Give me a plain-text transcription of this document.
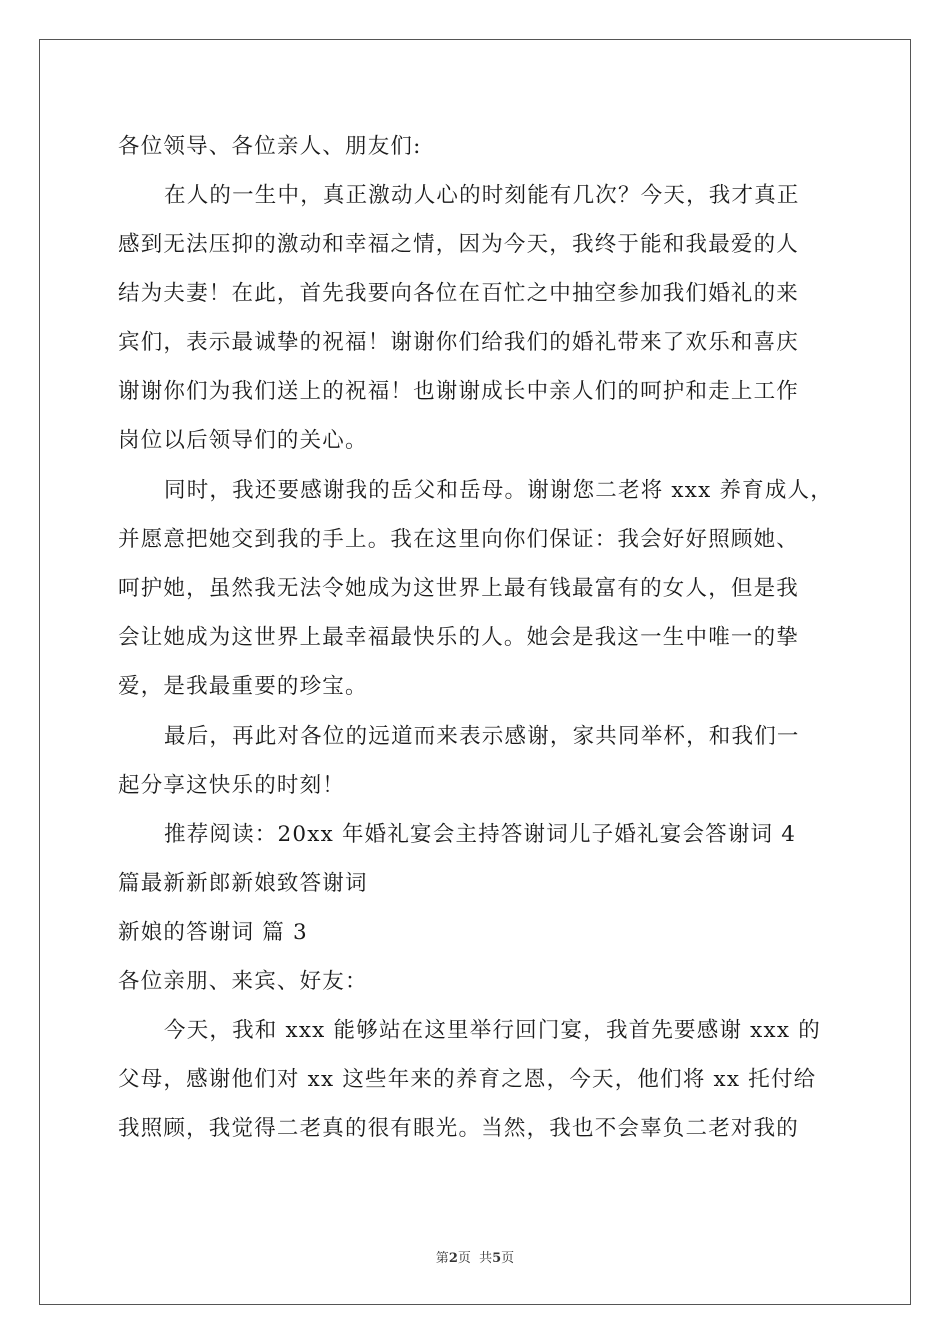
各位领导、各位亲人、朋友们:
在人的一生中，真正激动人心的时刻能有几次？今天，我才真正
感到无法压抑的激动和幸福之情，因为今天，我终于能和我最爱的人
结为夫妻！在此，首先我要向各位在百忙之中抽空参加我们婚礼的来
宾们，表示最诚挚的祝福！谢谢你们给我们的婚礼带来了欢乐和喜庆
谢谢你们为我们送上的祝福！也谢谢成长中亲人们的呵护和走上工作
岗位以后领导们的关心。
同时，我还要感谢我的岳父和岳母。谢谢您二老将 xxx 养育成人，
并愿意把她交到我的手上。我在这里向你们保证：我会好好照顾她、
呵护她，虽然我无法令她成为这世界上最有钱最富有的女人，但是我
会让她成为这世界上最幸福最快乐的人。她会是我这一生中唯一的挚
爱，是我最重要的珍宝。
最后，再此对各位的远道而来表示感谢，家共同举杯，和我们一
起分享这快乐的时刻！
推荐阅读：20xx 年婚礼宴会主持答谢词儿子婚礼宴会答谢词 4
篇最新新郎新娘致答谢词
新娘的答谢词 篇 3
各位亲朋、来宾、好友：
今天，我和 xxx 能够站在这里举行回门宴，我首先要感谢 xxx 的
父母，感谢他们对 xx 这些年来的养育之恩，今天，他们将 xx 托付给
我照顾，我觉得二老真的很有眼光。当然，我也不会辜负二老对我的
第2页  共5页
